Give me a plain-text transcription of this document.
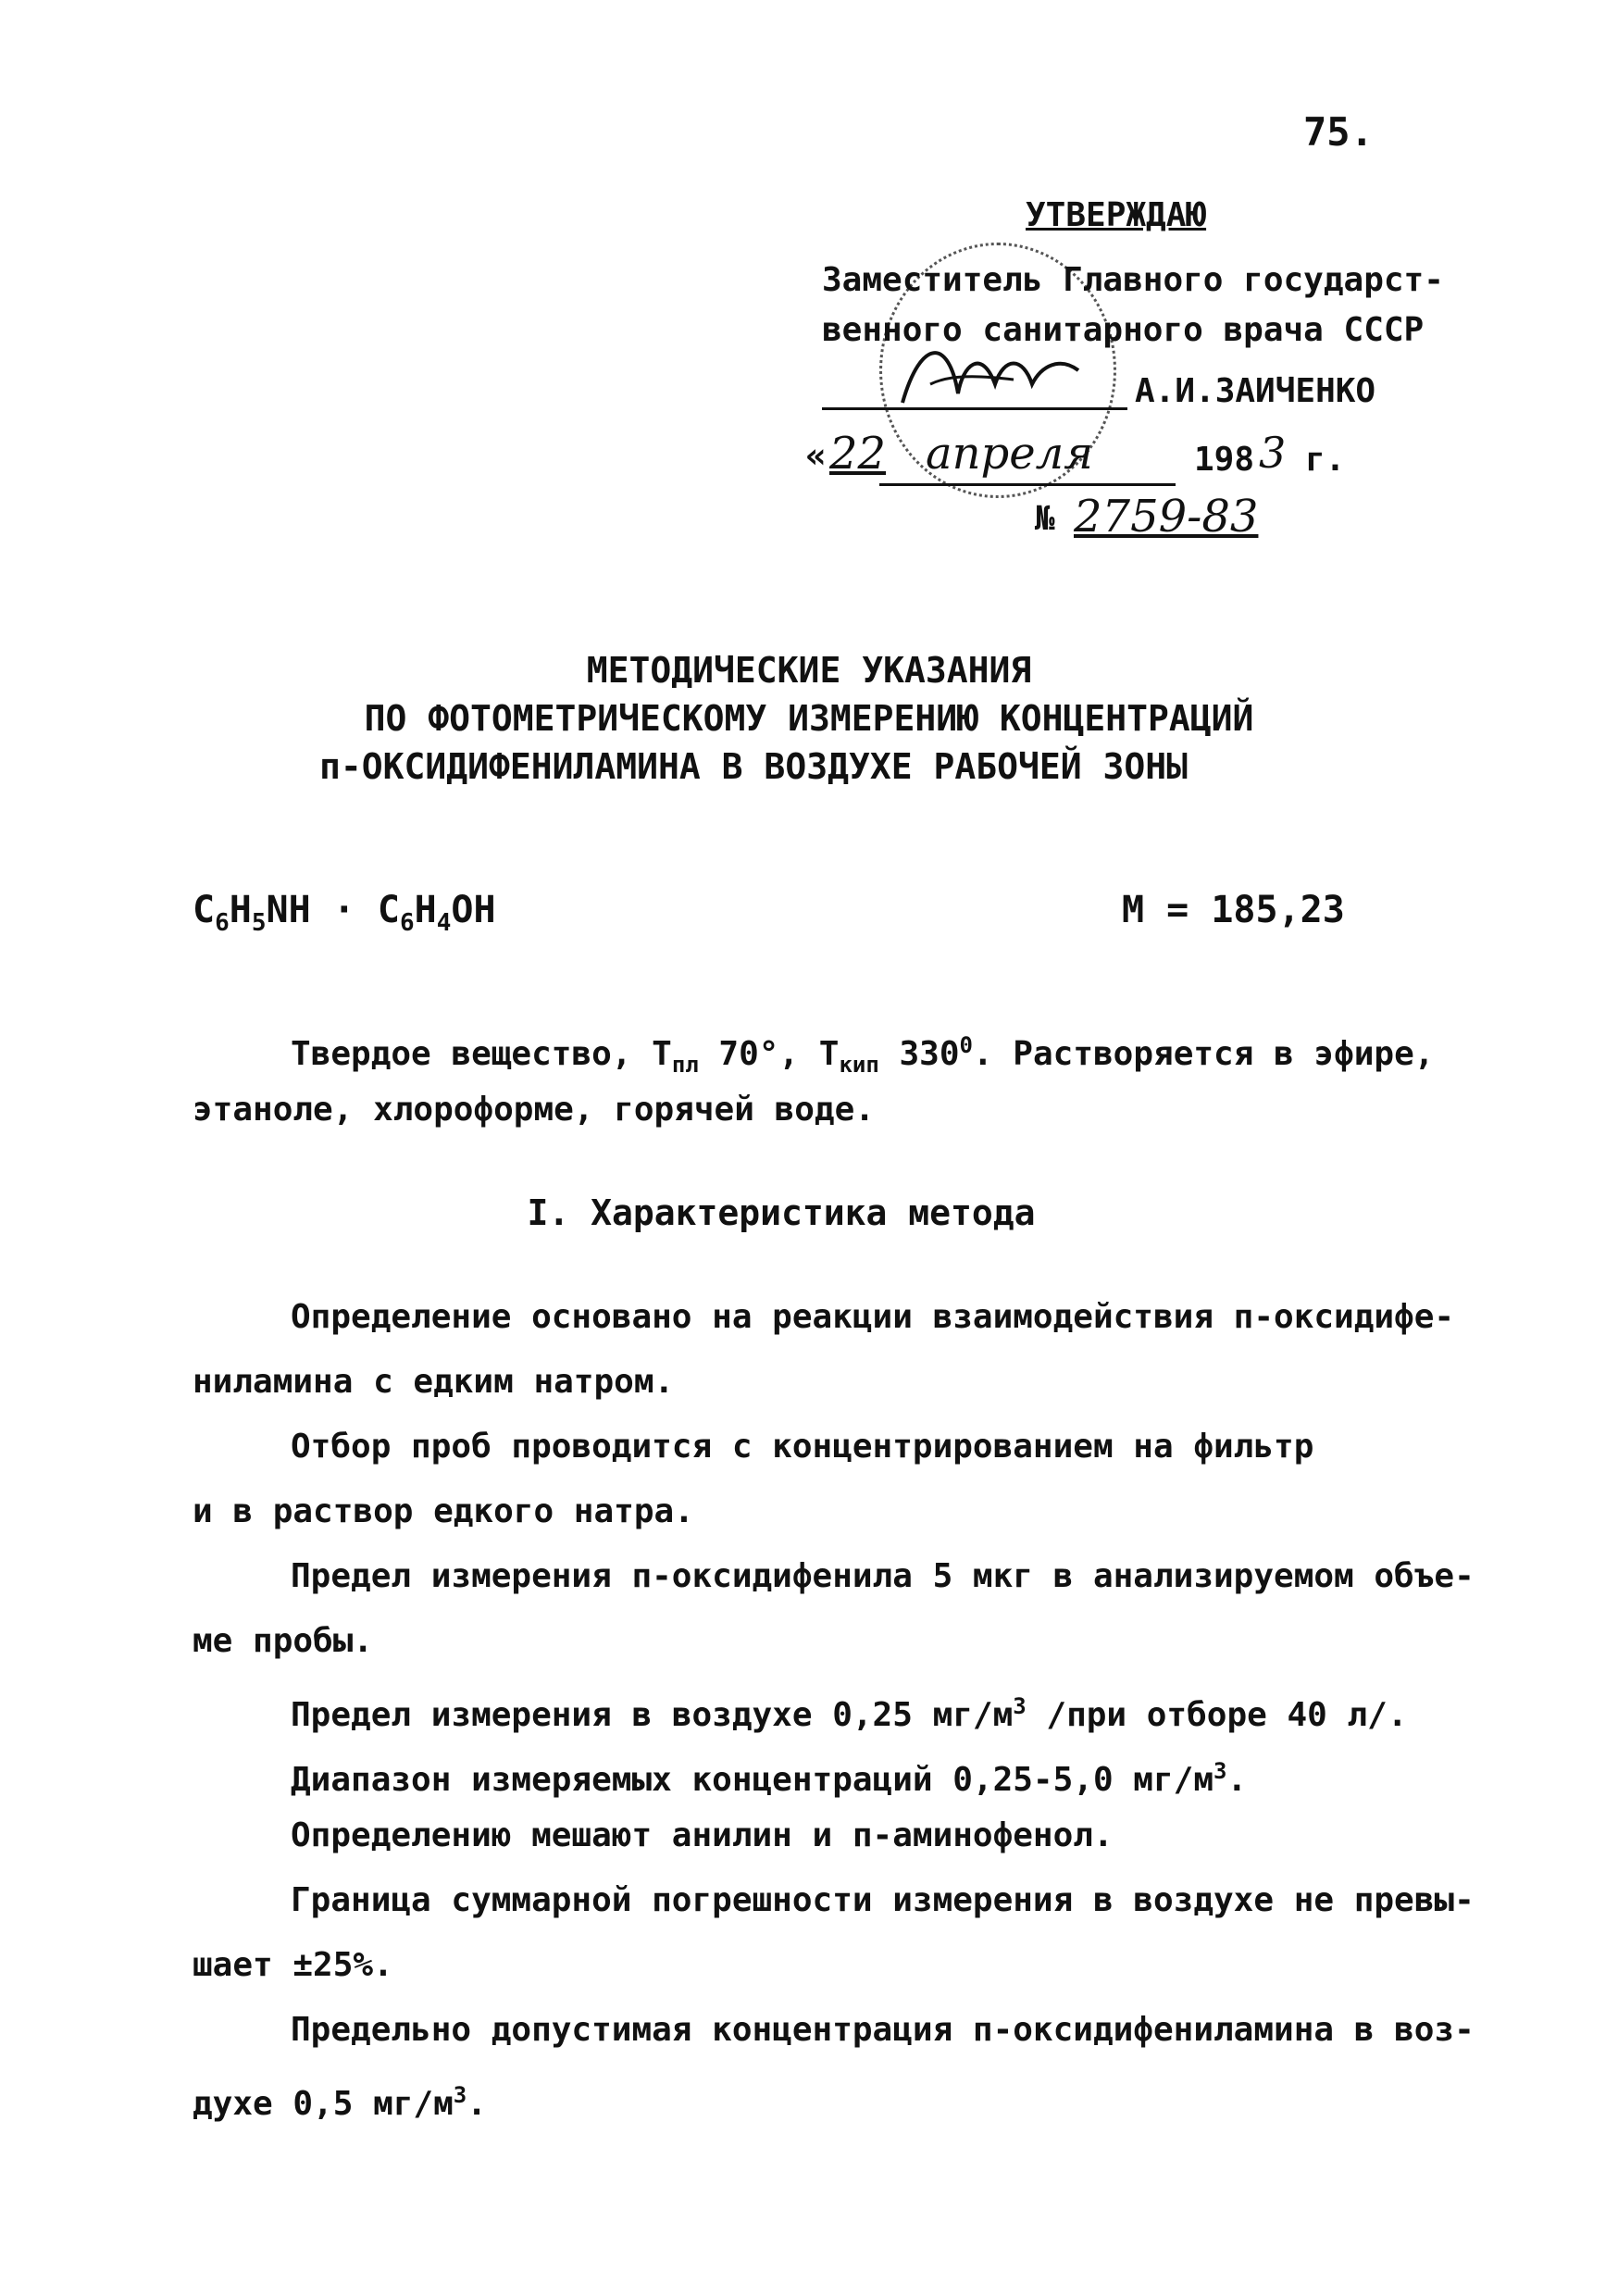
75.
УТВЕРЖДАЮ
Заместитель Главного государст-
венного санитарного врача СССР
А.И.ЗАИЧЕНКО
« 22 апреля	198 3 г.
№ 2759-83
МЕТОДИЧЕСКИЕ УКАЗАНИЯ
ПО ФОТОМЕТРИЧЕСКОМУ ИЗМЕРЕНИЮ КОНЦЕНТРАЦИЙ
п-ОКСИДИФЕНИЛАМИНА В ВОЗДУХЕ РАБОЧЕЙ ЗОНЫ
$C_6H_5NH \cdot C_6H_4OH$	М = 185,23
Твердое вещество, $Т_{пл}$ 70°, $Т_{кип}$ $330^0$. Растворяется в эфире,
этаноле, хлороформе, горячей воде.
I. Характеристика метода
Определение основано на реакции взаимодействия п-оксидифе-
ниламина с едким натром.
Отбор проб проводится с концентрированием на фильтр
и в раствор едкого натра.
Предел измерения п-оксидифенила 5 мкг в анализируемом объе-
ме пробы.
Предел измерения в воздухе 0,25 $мг/м^3$ /при отборе 40 л/.
Диапазон измеряемых концентраций 0,25-5,0 $мг/м^3$.
Определению мешают анилин и п-аминофенол.
Граница суммарной погрешности измерения в воздухе не превы-
шает ±25%.
Предельно допустимая концентрация п-оксидифениламина в воз-
духе 0,5 $мг/м^3$.
